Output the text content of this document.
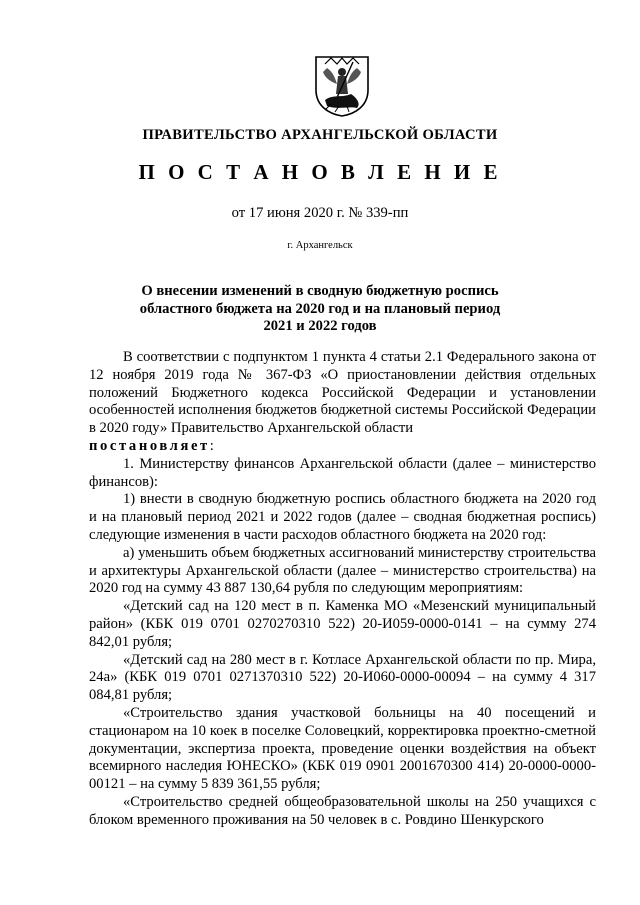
ПРАВИТЕЛЬСТВО АРХАНГЕЛЬСКОЙ ОБЛАСТИ
П О С Т А Н О В Л Е Н И Е
от 17 июня 2020 г. № 339-пп
г. Архангельск
О внесении изменений в сводную бюджетную роспись
областного бюджета на 2020 год и на плановый период
2021 и 2022 годов

В соответствии с подпунктом 1 пункта 4 статьи 2.1 Федерального закона от 12 ноября 2019 года № 367-ФЗ «О приостановлении действия отдельных положений Бюджетного кодекса Российской Федерации и установлении особенностей исполнения бюджетов бюджетной системы Российской Федерации в 2020 году» Правительство Архангельской области

постановляет:

1. Министерству финансов Архангельской области (далее – министерство финансов):

1) внести в сводную бюджетную роспись областного бюджета на 2020 год и на плановый период 2021 и 2022 годов (далее – сводная бюджетная роспись) следующие изменения в части расходов областного бюджета на 2020 год:

а) уменьшить объем бюджетных ассигнований министерству строительства и архитектуры Архангельской области (далее – министерство строительства) на 2020 год на сумму 43 887 130,64 рубля по следующим мероприятиям:

«Детский сад на 120 мест в п. Каменка МО «Мезенский муниципальный район» (КБК 019 0701 0270270310 522) 20-И059-0000-0141 – на сумму 274 842,01 рубля;

«Детский сад на 280 мест в г. Котласе Архангельской области по пр. Мира, 24а» (КБК 019 0701 0271370310 522) 20-И060-0000-00094 – на сумму 4 317 084,81 рубля;

«Строительство здания участковой больницы на 40 посещений и стационаром на 10 коек в поселке Соловецкий, корректировка проектно-сметной документации, экспертиза проекта, проведение оценки воздействия на объект всемирного наследия ЮНЕСКО» (КБК 019 0901 2001670300 414) 20-0000-0000-00121 – на сумму 5 839 361,55 рубля;

«Строительство средней общеобразовательной школы на 250 учащихся с блоком временного проживания на 50 человек в с. Ровдино Шенкурского
